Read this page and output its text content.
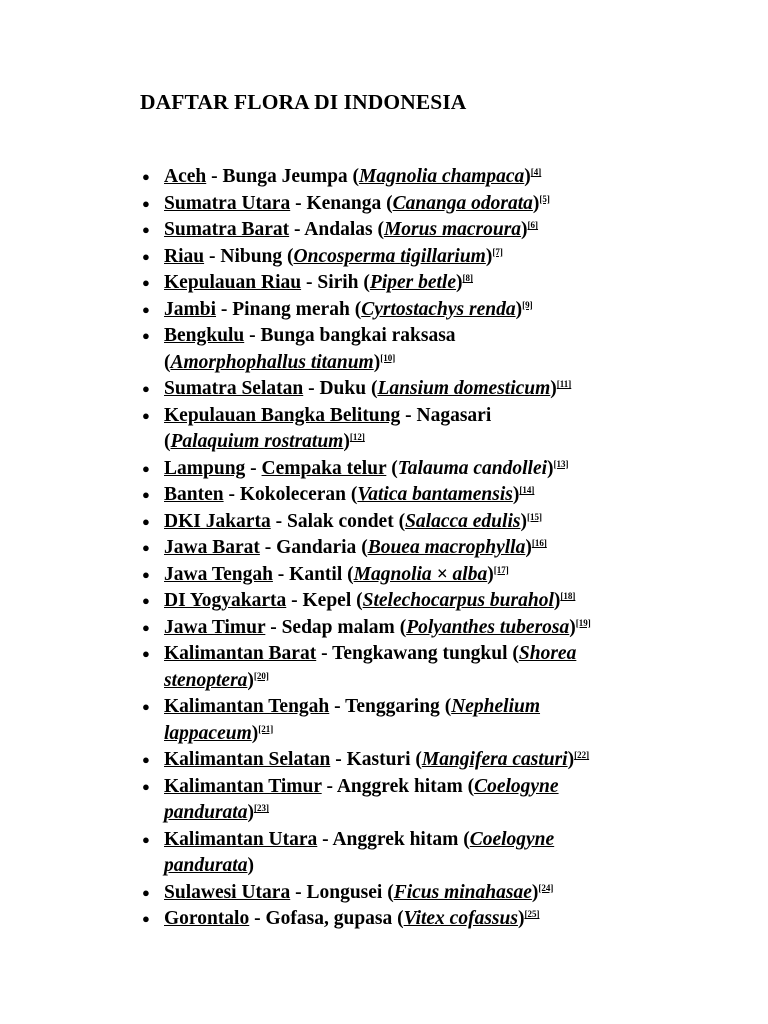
DAFTAR FLORA DI INDONESIA
● Aceh - Bunga Jeumpa (Magnolia champaca)[4]
● Sumatra Utara - Kenanga (Cananga odorata)[5]
● Sumatra Barat - Andalas (Morus macroura)[6]
● Riau - Nibung (Oncosperma tigillarium)[7]
● Kepulauan Riau - Sirih (Piper betle)[8]
● Jambi - Pinang merah (Cyrtostachys renda)[9]
● Bengkulu - Bunga bangkai raksasa
(Amorphophallus titanum)[10]
● Sumatra Selatan - Duku (Lansium domesticum)[11]
● Kepulauan Bangka Belitung - Nagasari
(Palaquium rostratum)[12]
● Lampung - Cempaka telur (Talauma candollei)[13]
● Banten - Kokoleceran (Vatica bantamensis)[14]
● DKI Jakarta - Salak condet (Salacca edulis)[15]
● Jawa Barat - Gandaria (Bouea macrophylla)[16]
● Jawa Tengah - Kantil (Magnolia × alba)[17]
● DI Yogyakarta - Kepel (Stelechocarpus burahol)[18]
● Jawa Timur - Sedap malam (Polyanthes tuberosa)[19]
● Kalimantan Barat - Tengkawang tungkul (Shorea
stenoptera)[20]
● Kalimantan Tengah - Tenggaring (Nephelium
lappaceum)[21]
● Kalimantan Selatan - Kasturi (Mangifera casturi)[22]
● Kalimantan Timur - Anggrek hitam (Coelogyne
pandurata)[23]
● Kalimantan Utara - Anggrek hitam (Coelogyne
pandurata)
● Sulawesi Utara - Longusei (Ficus minahasae)[24]
● Gorontalo - Gofasa, gupasa (Vitex cofassus)[25]
